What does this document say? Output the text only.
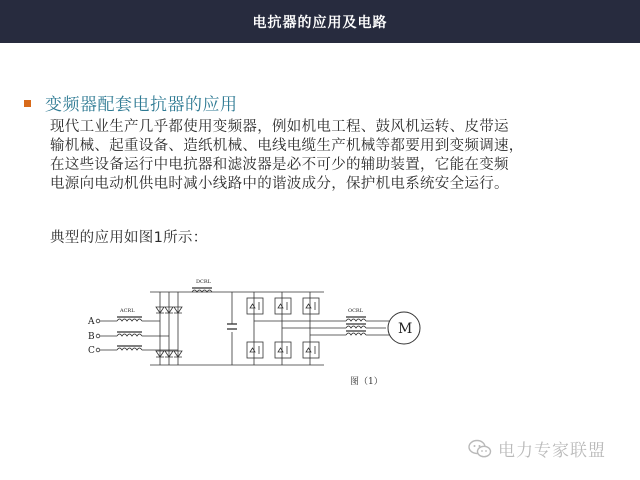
电抗器的应用及电路
变频器配套电抗器的应用

现代工业生产几乎都使用变频器，例如机电工程、鼓风机运转、皮带运

输机械、起重设备、造纸机械、电线电缆生产机械等都要用到变频调速，

在这些设备运行中电抗器和滤波器是必不可少的辅助装置，它能在变频

电源向电动机供电时减小线路中的谐波成分，保护机电系统安全运行。

典型的应用如图1所示：
A
B
C
ACRL
DCRL
OCRL
M
图（1）
电力专家联盟
